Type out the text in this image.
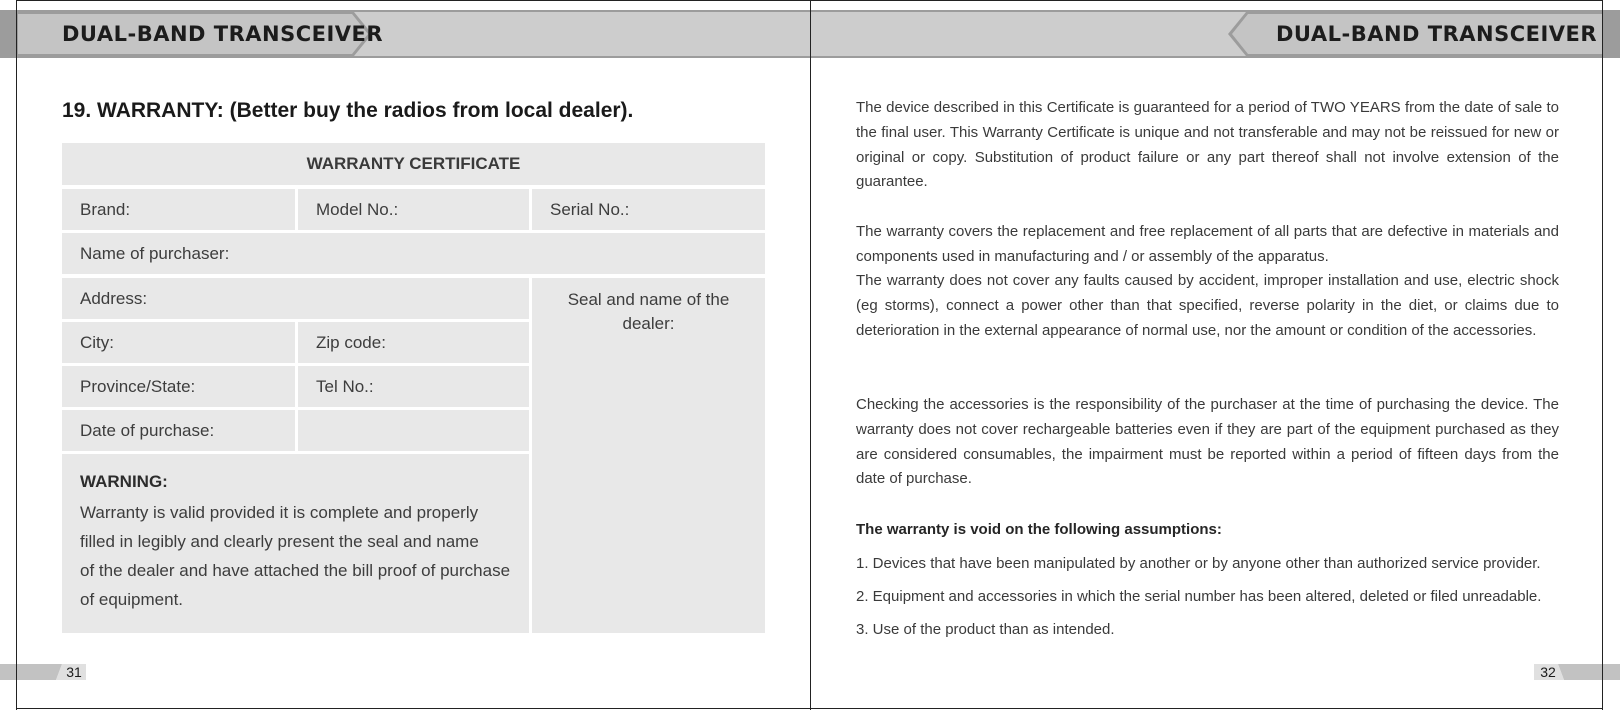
DUAL-BAND TRANSCEIVER
19. WARRANTY: (Better buy the radios from local dealer).
WARRANTY CERTIFICATE
Brand:	Model No.:	Serial No.:
Name of purchaser:
Address:	Seal and name of the dealer:
City:	Zip code:
Province/State:	Tel No.:
Date of purchase:
WARNING:
Warranty is valid provided it is complete and properly
filled in legibly and clearly present the seal and name
of the dealer and have attached the bill proof of purchase
of equipment.
31
DUAL-BAND TRANSCEIVER
The device described in this Certificate is guaranteed for a period of TWO YEARS from the date of sale to the final user. This Warranty Certificate is unique and not transferable and may not be reissued for new or original or copy. Substitution of product failure or any part thereof shall not involve extension of the guarantee.
The warranty covers the replacement and free replacement of all parts that are defective in materials and components used in manufacturing and / or assembly of the apparatus.
The warranty does not cover any faults caused by accident, improper installation and use, electric shock (eg storms), connect a power other than that specified, reverse polarity in the diet, or claims due to deterioration in the external appearance of normal use, nor the amount or condition of the accessories.
Checking the accessories is the responsibility of the purchaser at the time of purchasing the device. The warranty does not cover rechargeable batteries even if they are part of the equipment purchased as they are considered consumables, the impairment must be reported within a period of fifteen days from the date of purchase.
The warranty is void on the following assumptions:
1. Devices that have been manipulated by another or by anyone other than authorized service provider.
2. Equipment and accessories in which the serial number has been altered, deleted or filed unreadable.
3. Use of the product than as intended.
32
